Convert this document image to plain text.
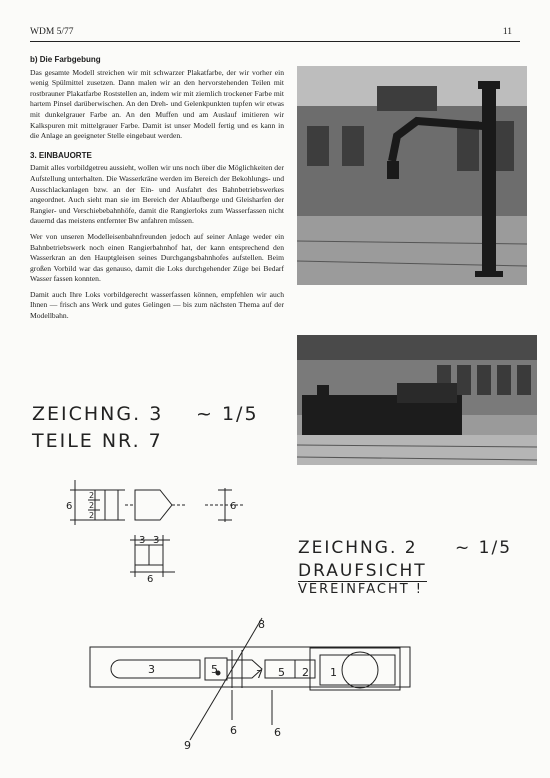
WDM 5/77	11
b) Die Farbgebung

Das gesamte Modell streichen wir mit schwarzer Plakatfarbe, der wir vorher ein wenig Spülmittel zusetzen. Dann malen wir an den hervorstehenden Teilen mit rostbrauner Plakatfarbe Roststellen an, indem wir mit ziemlich trockener Farbe mit hartem Pinsel darüberwischen. An den Dreh- und Gelenkpunkten tupfen wir etwas mit dunkelgrauer Farbe an. An den Muffen und am Auslauf imitieren wir Kalkspuren mit mittelgrauer Farbe. Damit ist unser Modell fertig und es kann in die Anlage an geeigneter Stelle eingebaut werden.

3. EINBAUORTE

Damit alles vorbildgetreu aussieht, wollen wir uns noch über die Möglichkeiten der Aufstellung unterhalten. Die Wasserkräne werden im Bereich der Bekohlungs- und Ausschlackanlagen bzw. an der Ein- und Ausfahrt des Bahnbetriebswerkes angeordnet. Auch sieht man sie im Bereich der Ablaufberge und Gleisharfen der Rangier- und Verschiebebahnhöfe, damit die Rangierloks zum Wasserfassen nicht dauernd das meistens entfernter Bw anfahren müssen.

Wer von unseren Modelleisenbahnfreunden jedoch auf seiner Anlage weder ein Bahnbetriebswerk noch einen Rangierbahnhof hat, der kann entsprechend den Wasserkran an den Hauptgleisen seines Durchgangsbahnhofes aufstellen. Beim großen Vorbild war das genauso, damit die Loks durchgehender Züge bei Bedarf Wasser fassen konnten.

Damit auch Ihre Loks vorbildgerecht wasserfassen können, empfehlen wir auch Ihnen — frisch ans Werk und gutes Gelingen — bis zum nächsten Thema auf der Modellbahn.

ZEICHNG. 3 ~ 1/5
TEILE NR. 7
6
2
2
2
6
3 3
6
8
3	5	7 5 2 1
9
6	6
ZEICHNG. 2 ~ 1/5
DRAUFSICHT
VEREINFACHT !
